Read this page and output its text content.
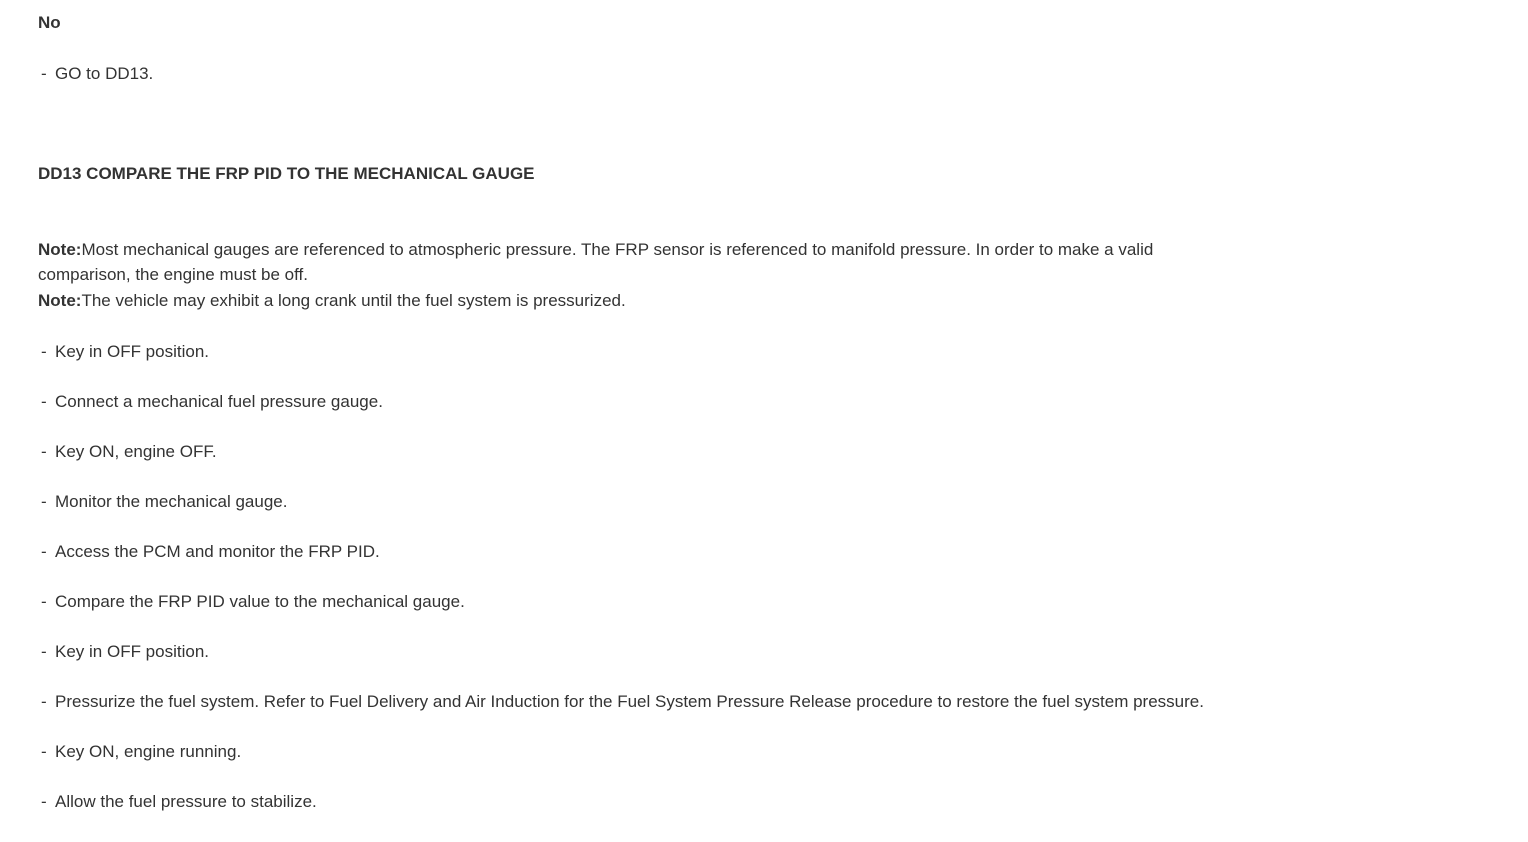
No
- GO to DD13.
DD13 COMPARE THE FRP PID TO THE MECHANICAL GAUGE
Note:Most mechanical gauges are referenced to atmospheric pressure. The FRP sensor is referenced to manifold pressure. In order to make a valid comparison, the engine must be off.
Note:The vehicle may exhibit a long crank until the fuel system is pressurized.
- Key in OFF position.
- Connect a mechanical fuel pressure gauge.
- Key ON, engine OFF.
- Monitor the mechanical gauge.
- Access the PCM and monitor the FRP PID.
- Compare the FRP PID value to the mechanical gauge.
- Key in OFF position.
- Pressurize the fuel system. Refer to Fuel Delivery and Air Induction for the Fuel System Pressure Release procedure to restore the fuel system pressure.
- Key ON, engine running.
- Allow the fuel pressure to stabilize.
